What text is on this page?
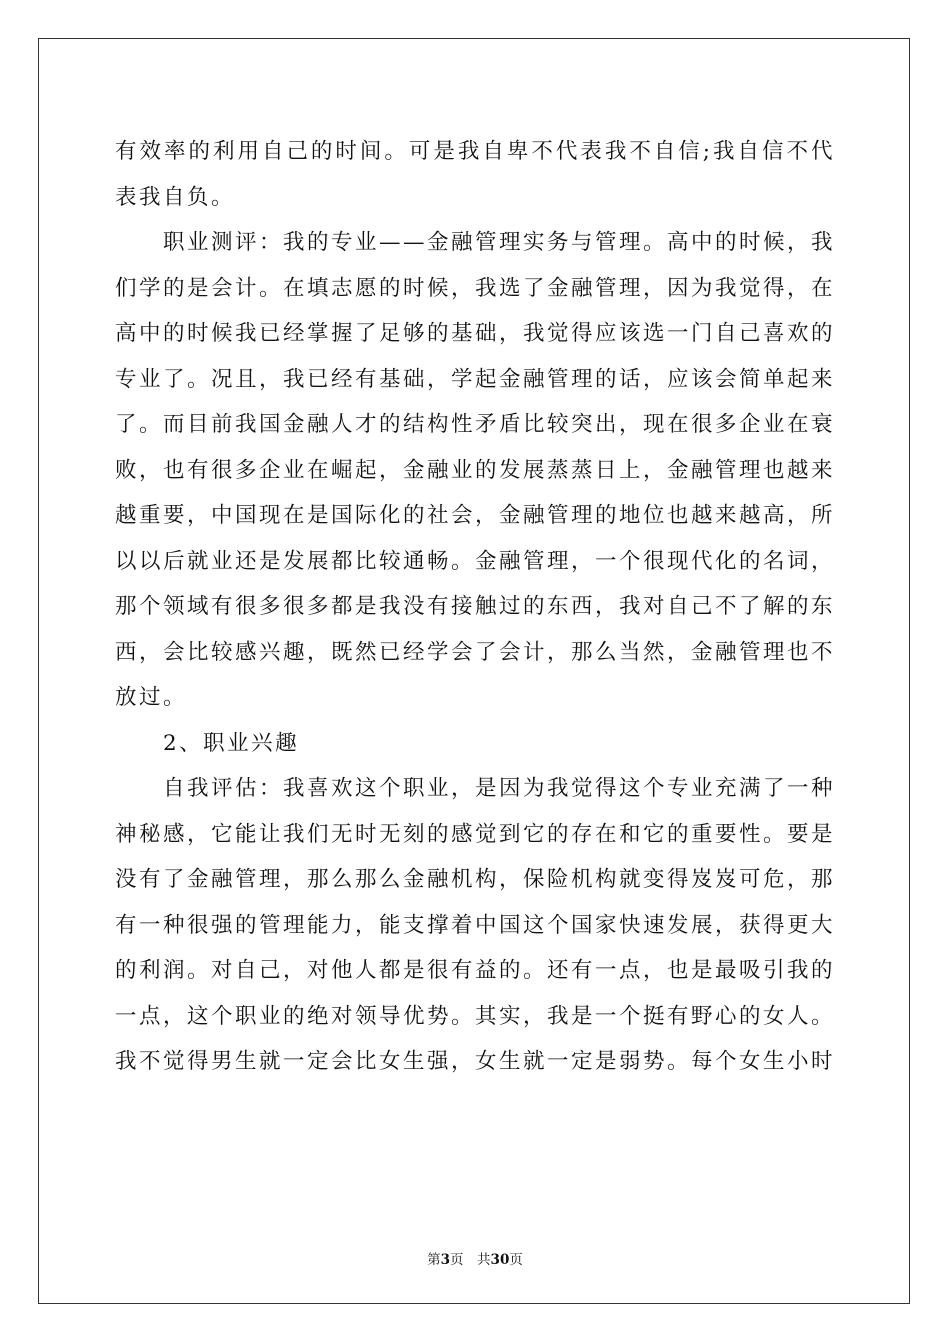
有效率的利用自己的时间。可是我自卑不代表我不自信;我自信不代表我自负。

职业测评：我的专业——金融管理实务与管理。高中的时候，我们学的是会计。在填志愿的时候，我选了金融管理，因为我觉得，在高中的时候我已经掌握了足够的基础，我觉得应该选一门自己喜欢的专业了。况且，我已经有基础，学起金融管理的话，应该会简单起来了。而目前我国金融人才的结构性矛盾比较突出，现在很多企业在衰败，也有很多企业在崛起，金融业的发展蒸蒸日上，金融管理也越来越重要，中国现在是国际化的社会，金融管理的地位也越来越高，所以以后就业还是发展都比较通畅。金融管理，一个很现代化的名词，那个领域有很多很多都是我没有接触过的东西，我对自己不了解的东西，会比较感兴趣，既然已经学会了会计，那么当然，金融管理也不放过。

2、职业兴趣

自我评估：我喜欢这个职业，是因为我觉得这个专业充满了一种神秘感，它能让我们无时无刻的感觉到它的存在和它的重要性。要是没有了金融管理，那么那么金融机构，保险机构就变得岌岌可危，那有一种很强的管理能力，能支撑着中国这个国家快速发展，获得更大的利润。对自己，对他人都是很有益的。还有一点，也是最吸引我的一点，这个职业的绝对领导优势。其实，我是一个挺有野心的女人。我不觉得男生就一定会比女生强，女生就一定是弱势。每个女生小时

第3页　共30页
